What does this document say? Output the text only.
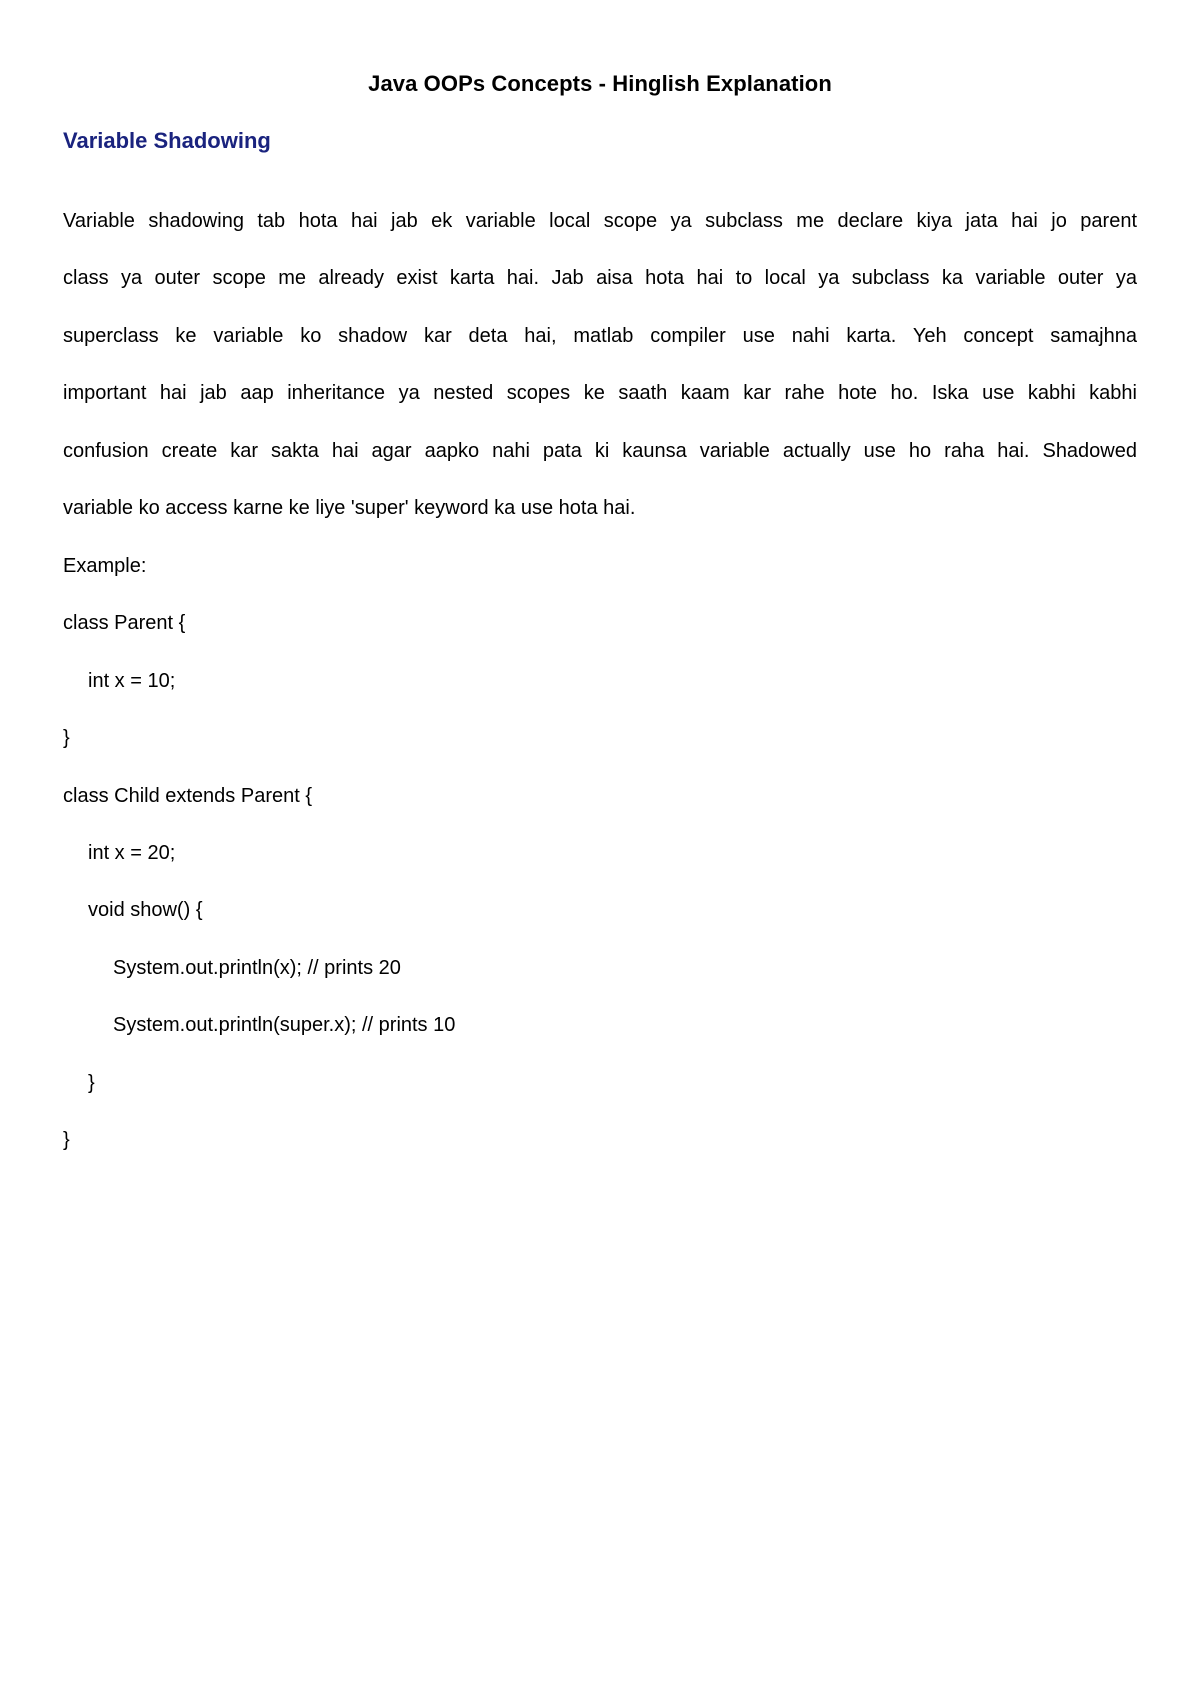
Java OOPs Concepts - Hinglish Explanation
Variable Shadowing
Variable shadowing tab hota hai jab ek variable local scope ya subclass me declare kiya jata hai jo parent
class ya outer scope me already exist karta hai. Jab aisa hota hai to local ya subclass ka variable outer ya
superclass ke variable ko shadow kar deta hai, matlab compiler use nahi karta. Yeh concept samajhna
important hai jab aap inheritance ya nested scopes ke saath kaam kar rahe hote ho. Iska use kabhi kabhi
confusion create kar sakta hai agar aapko nahi pata ki kaunsa variable actually use ho raha hai. Shadowed
variable ko access karne ke liye 'super' keyword ka use hota hai.
Example:
class Parent {
int x = 10;
}
class Child extends Parent {
int x = 20;
void show() {
System.out.println(x); // prints 20
System.out.println(super.x); // prints 10
}
}
